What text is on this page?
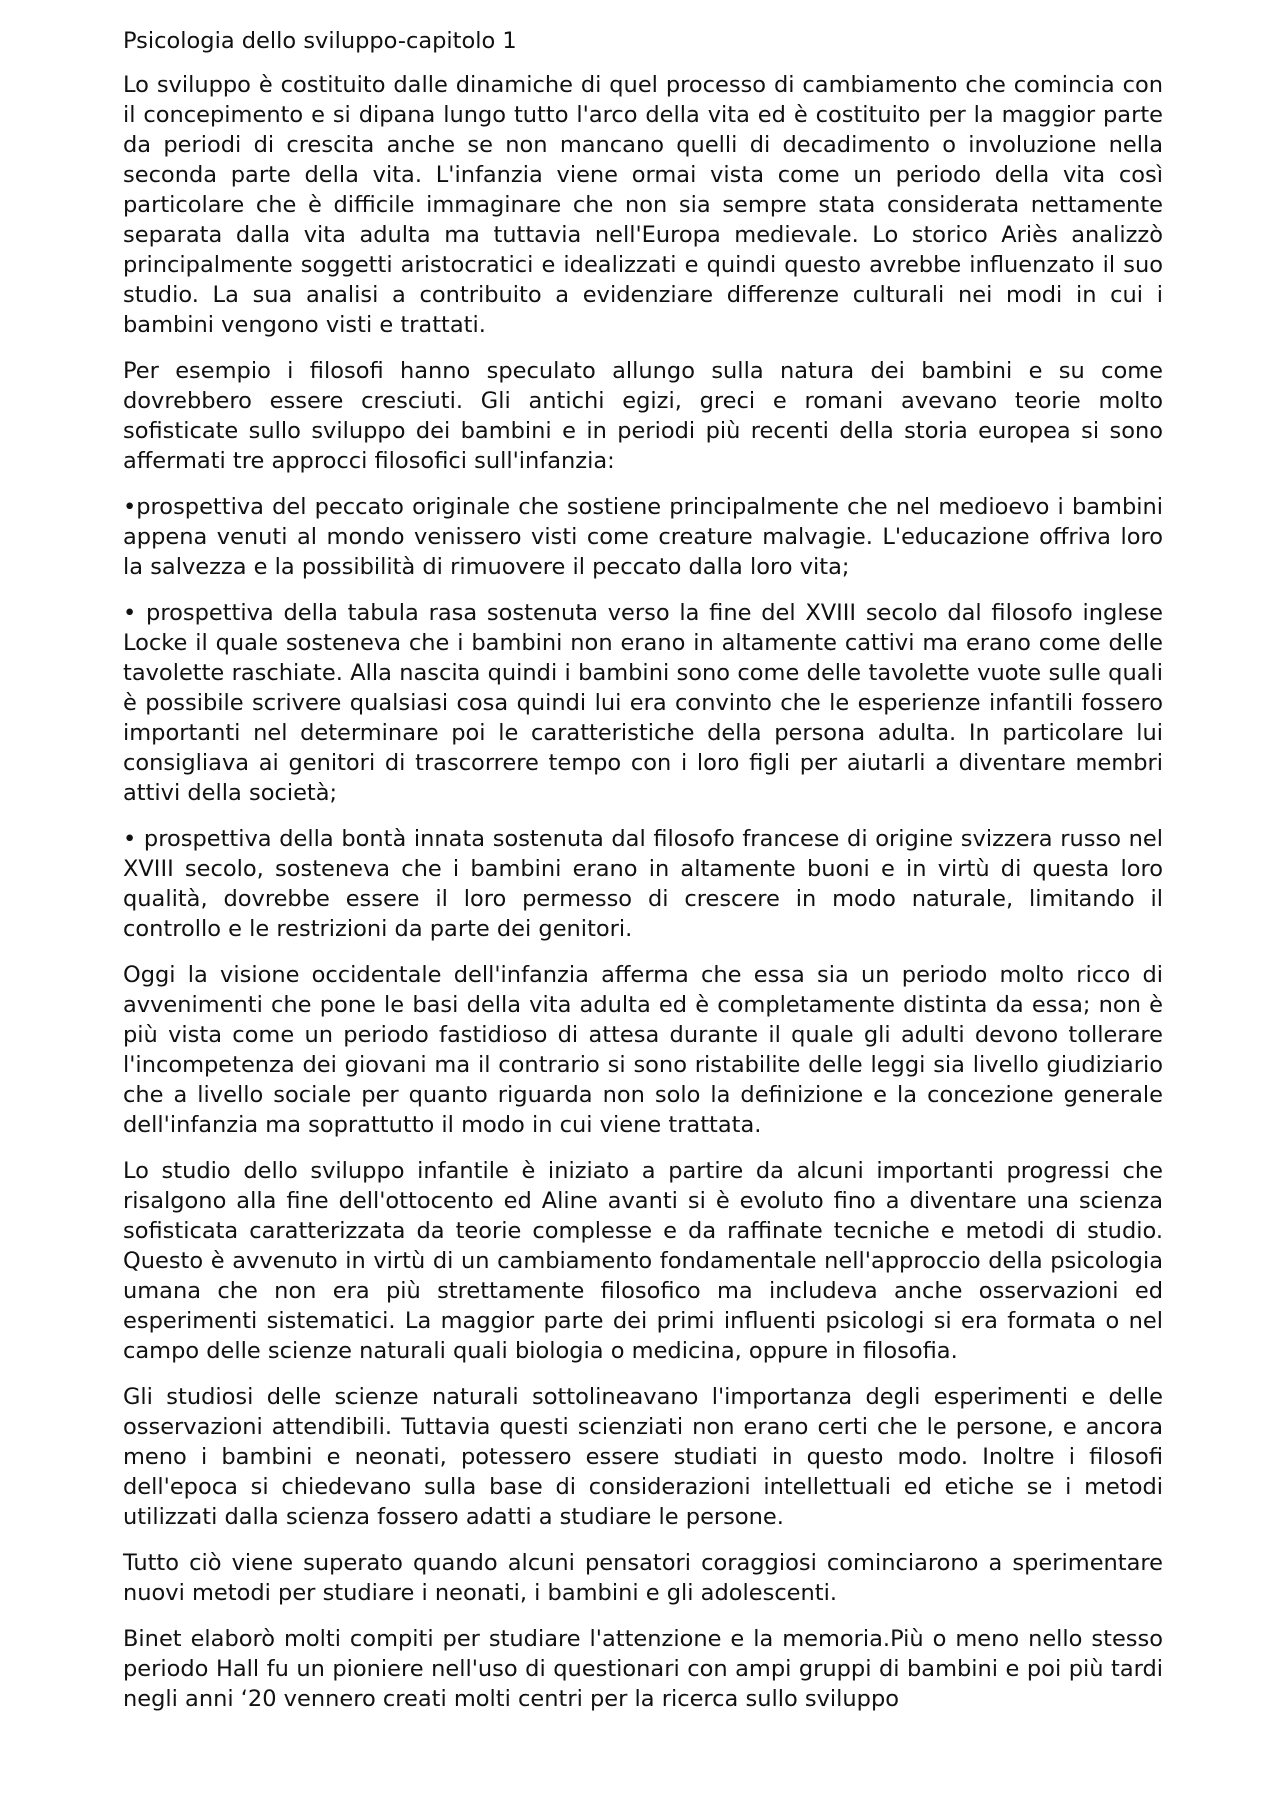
Psicologia dello sviluppo-capitolo 1

Lo sviluppo è costituito dalle dinamiche di quel processo di cambiamento che comincia con il concepimento e si dipana lungo tutto l'arco della vita ed è costituito per la maggior parte da periodi di crescita anche se non mancano quelli di decadimento o involuzione nella seconda parte della vita. L'infanzia viene ormai vista come un periodo della vita così particolare che è difficile immaginare che non sia sempre stata considerata nettamente separata dalla vita adulta ma tuttavia nell'Europa medievale. Lo storico Ariès analizzò principalmente soggetti aristocratici e idealizzati e quindi questo avrebbe influenzato il suo studio. La sua analisi a contribuito a evidenziare differenze culturali nei modi in cui i bambini vengono visti e trattati.

Per esempio i filosofi hanno speculato allungo sulla natura dei bambini e su come dovrebbero essere cresciuti. Gli antichi egizi, greci e romani avevano teorie molto sofisticate sullo sviluppo dei bambini e in periodi più recenti della storia europea si sono affermati tre approcci filosofici sull'infanzia:

•prospettiva del peccato originale che sostiene principalmente che nel medioevo i bambini appena venuti al mondo venissero visti come creature malvagie. L'educazione offriva loro la salvezza e la possibilità di rimuovere il peccato dalla loro vita;

• prospettiva della tabula rasa sostenuta verso la fine del XVIII secolo dal filosofo inglese Locke il quale sosteneva che i bambini non erano in altamente cattivi ma erano come delle tavolette raschiate. Alla nascita quindi i bambini sono come delle tavolette vuote sulle quali è possibile scrivere qualsiasi cosa quindi lui era convinto che le esperienze infantili fossero importanti nel determinare poi le caratteristiche della persona adulta. In particolare lui consigliava ai genitori di trascorrere tempo con i loro figli per aiutarli a diventare membri attivi della società;

• prospettiva della bontà innata sostenuta dal filosofo francese di origine svizzera russo nel XVIII secolo, sosteneva che i bambini erano in altamente buoni e in virtù di questa loro qualità, dovrebbe essere il loro permesso di crescere in modo naturale, limitando il controllo e le restrizioni da parte dei genitori.

Oggi la visione occidentale dell'infanzia afferma che essa sia un periodo molto ricco di avvenimenti che pone le basi della vita adulta ed è completamente distinta da essa; non è più vista come un periodo fastidioso di attesa durante il quale gli adulti devono tollerare l'incompetenza dei giovani ma il contrario si sono ristabilite delle leggi sia livello giudiziario che a livello sociale per quanto riguarda non solo la definizione e la concezione generale dell'infanzia ma soprattutto il modo in cui viene trattata.

Lo studio dello sviluppo infantile è iniziato a partire da alcuni importanti progressi che risalgono alla fine dell'ottocento ed Aline avanti si è evoluto fino a diventare una scienza sofisticata caratterizzata da teorie complesse e da raffinate tecniche e metodi di studio. Questo è avvenuto in virtù di un cambiamento fondamentale nell'approccio della psicologia umana che non era più strettamente filosofico ma includeva anche osservazioni ed esperimenti sistematici. La maggior parte dei primi influenti psicologi si era formata o nel campo delle scienze naturali quali biologia o medicina, oppure in filosofia.

Gli studiosi delle scienze naturali sottolineavano l'importanza degli esperimenti e delle osservazioni attendibili. Tuttavia questi scienziati non erano certi che le persone, e ancora meno i bambini e neonati, potessero essere studiati in questo modo. Inoltre i filosofi dell'epoca si chiedevano sulla base di considerazioni intellettuali ed etiche se i metodi utilizzati dalla scienza fossero adatti a studiare le persone.

Tutto ciò viene superato quando alcuni pensatori coraggiosi cominciarono a sperimentare nuovi metodi per studiare i neonati, i bambini e gli adolescenti.

Binet elaborò molti compiti per studiare l'attenzione e la memoria.Più o meno nello stesso periodo Hall fu un pioniere nell'uso di questionari con ampi gruppi di bambini e poi più tardi negli anni ‘20 vennero creati molti centri per la ricerca sullo sviluppo
